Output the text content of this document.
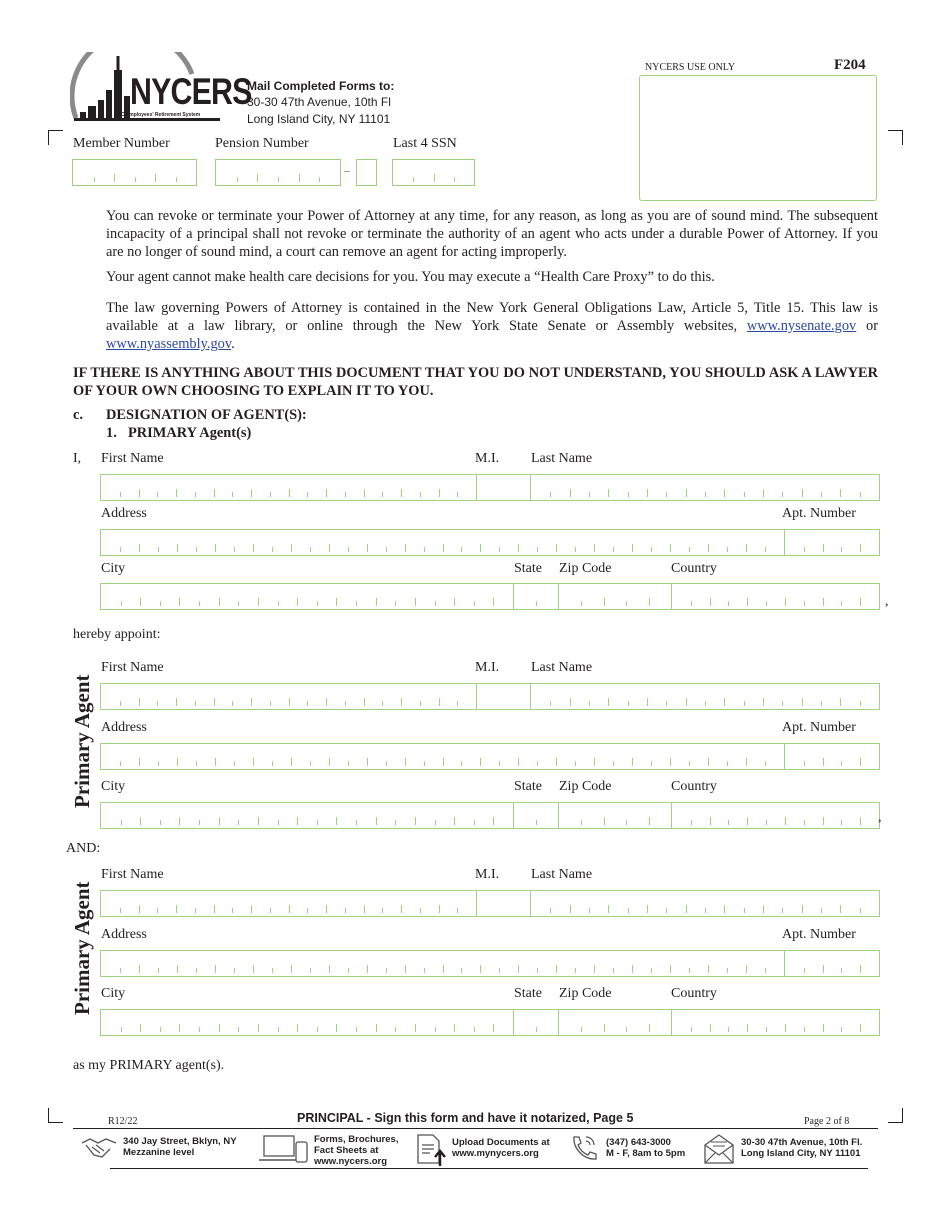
NYCERS
NYC Employees' Retirement System
Mail Completed Forms to:
30-30 47th Avenue, 10th Fl
Long Island City, NY 11101
NYCERS USE ONLY	F204
Member Number	Pension Number	Last 4 SSN
–
You can revoke or terminate your Power of Attorney at any time, for any reason, as long as you are of sound mind. The subsequent incapacity of a principal shall not revoke or terminate the authority of an agent who acts under a durable Power of Attorney. If you are no longer of sound mind, a court can remove an agent for acting improperly.
Your agent cannot make health care decisions for you. You may execute a “Health Care Proxy” to do this.
The law governing Powers of Attorney is contained in the New York General Obligations Law, Article 5, Title 15. This law is available at a law library, or online through the New York State Senate or Assembly websites, www.nysenate.gov or www.nyassembly.gov.
IF THERE IS ANYTHING ABOUT THIS DOCUMENT THAT YOU DO NOT UNDERSTAND, YOU SHOULD ASK A LAWYER OF YOUR OWN CHOOSING TO EXPLAIN IT TO YOU.
c. DESIGNATION OF AGENT(S):
1. PRIMARY Agent(s)
I, First Name	M.I. Last Name
Address	Apt. Number
City	State Zip Code	Country
,
hereby appoint:
Primary Agent
First Name	M.I. Last Name
Address	Apt. Number
City	State Zip Code	Country
,
AND:
Primary Agent
First Name	M.I. Last Name
Address	Apt. Number
City	State Zip Code	Country
as my PRIMARY agent(s).
R12/22	PRINCIPAL - Sign this form and have it notarized, Page 5	Page 2 of 8
340 Jay Street, Bklyn, NY
Mezzanine level
Forms, Brochures,
Fact Sheets at
www.nycers.org
Upload Documents at
www.mynycers.org
(347) 643-3000
M - F, 8am to 5pm
30-30 47th Avenue, 10th Fl.
Long Island City, NY 11101
